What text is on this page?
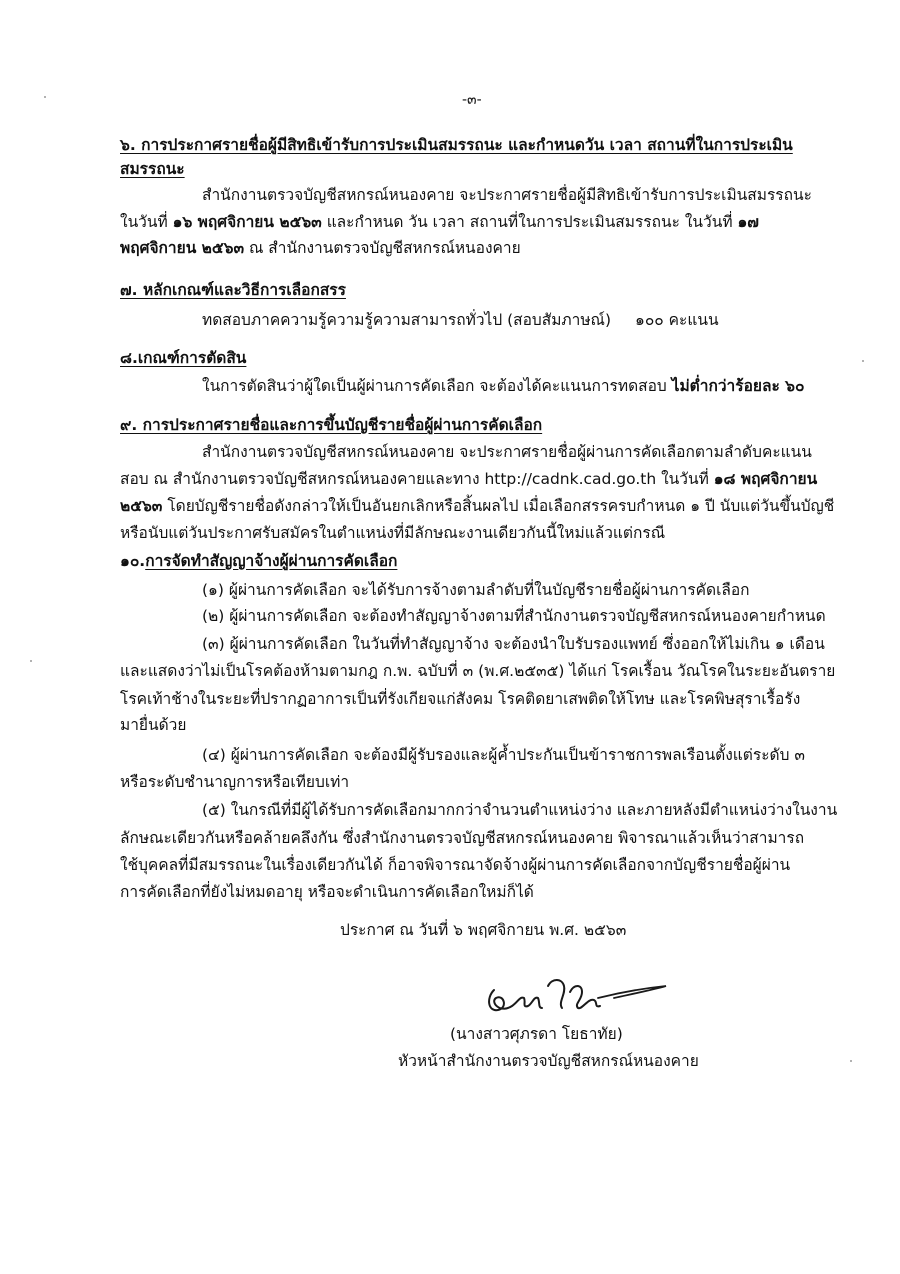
-๓-

๖. การประกาศรายชื่อผู้มีสิทธิเข้ารับการประเมินสมรรถนะ และกำหนดวัน เวลา สถานที่ในการประเมิน

สมรรถนะ

สำนักงานตรวจบัญชีสหกรณ์หนองคาย จะประกาศรายชื่อผู้มีสิทธิเข้ารับการประเมินสมรรถนะ

ในวันที่ ๑๖ พฤศจิกายน ๒๕๖๓ และกำหนด วัน เวลา สถานที่ในการประเมินสมรรถนะ ในวันที่ ๑๗

พฤศจิกายน ๒๕๖๓ ณ สำนักงานตรวจบัญชีสหกรณ์หนองคาย

๗. หลักเกณฑ์และวิธีการเลือกสรร

ทดสอบภาคความรู้ความรู้ความสามารถทั่วไป (สอบสัมภาษณ์) ๑๐๐ คะแนน

๘.เกณฑ์การตัดสิน

ในการตัดสินว่าผู้ใดเป็นผู้ผ่านการคัดเลือก จะต้องได้คะแนนการทดสอบ ไม่ต่ำกว่าร้อยละ ๖๐

๙. การประกาศรายชื่อและการขึ้นบัญชีรายชื่อผู้ผ่านการคัดเลือก

สำนักงานตรวจบัญชีสหกรณ์หนองคาย จะประกาศรายชื่อผู้ผ่านการคัดเลือกตามลำดับคะแนน

สอบ ณ สำนักงานตรวจบัญชีสหกรณ์หนองคายและทาง http://cadnk.cad.go.th ในวันที่ ๑๘ พฤศจิกายน

๒๕๖๓ โดยบัญชีรายชื่อดังกล่าวให้เป็นอันยกเลิกหรือสิ้นผลไป เมื่อเลือกสรรครบกำหนด ๑ ปี นับแต่วันขึ้นบัญชี

หรือนับแต่วันประกาศรับสมัครในตำแหน่งที่มีลักษณะงานเดียวกันนี้ใหม่แล้วแต่กรณี

๑๐.การจัดทำสัญญาจ้างผู้ผ่านการคัดเลือก

(๑) ผู้ผ่านการคัดเลือก จะได้รับการจ้างตามลำดับที่ในบัญชีรายชื่อผู้ผ่านการคัดเลือก

(๒) ผู้ผ่านการคัดเลือก จะต้องทำสัญญาจ้างตามที่สำนักงานตรวจบัญชีสหกรณ์หนองคายกำหนด

(๓) ผู้ผ่านการคัดเลือก ในวันที่ทำสัญญาจ้าง จะต้องนำใบรับรองแพทย์ ซึ่งออกให้ไม่เกิน ๑ เดือน

และแสดงว่าไม่เป็นโรคต้องห้ามตามกฎ ก.พ. ฉบับที่ ๓ (พ.ศ.๒๕๓๕) ได้แก่ โรคเรื้อน วัณโรคในระยะอันตราย

โรคเท้าช้างในระยะที่ปรากฏอาการเป็นที่รังเกียจแก่สังคม โรคติดยาเสพติดให้โทษ และโรคพิษสุราเรื้อรัง

มายื่นด้วย

(๔) ผู้ผ่านการคัดเลือก จะต้องมีผู้รับรองและผู้ค้ำประกันเป็นข้าราชการพลเรือนตั้งแต่ระดับ ๓

หรือระดับชำนาญการหรือเทียบเท่า

(๕) ในกรณีที่มีผู้ได้รับการคัดเลือกมากกว่าจำนวนตำแหน่งว่าง และภายหลังมีตำแหน่งว่างในงาน

ลักษณะเดียวกันหรือคล้ายคลึงกัน ซึ่งสำนักงานตรวจบัญชีสหกรณ์หนองคาย พิจารณาแล้วเห็นว่าสามารถ

ใช้บุคคลที่มีสมรรถนะในเรื่องเดียวกันได้ ก็อาจพิจารณาจัดจ้างผู้ผ่านการคัดเลือกจากบัญชีรายชื่อผู้ผ่าน

การคัดเลือกที่ยังไม่หมดอายุ หรือจะดำเนินการคัดเลือกใหม่ก็ได้

ประกาศ ณ วันที่ ๖ พฤศจิกายน พ.ศ. ๒๕๖๓

(นางสาวศุภรดา โยธาทัย)

หัวหน้าสำนักงานตรวจบัญชีสหกรณ์หนองคาย
